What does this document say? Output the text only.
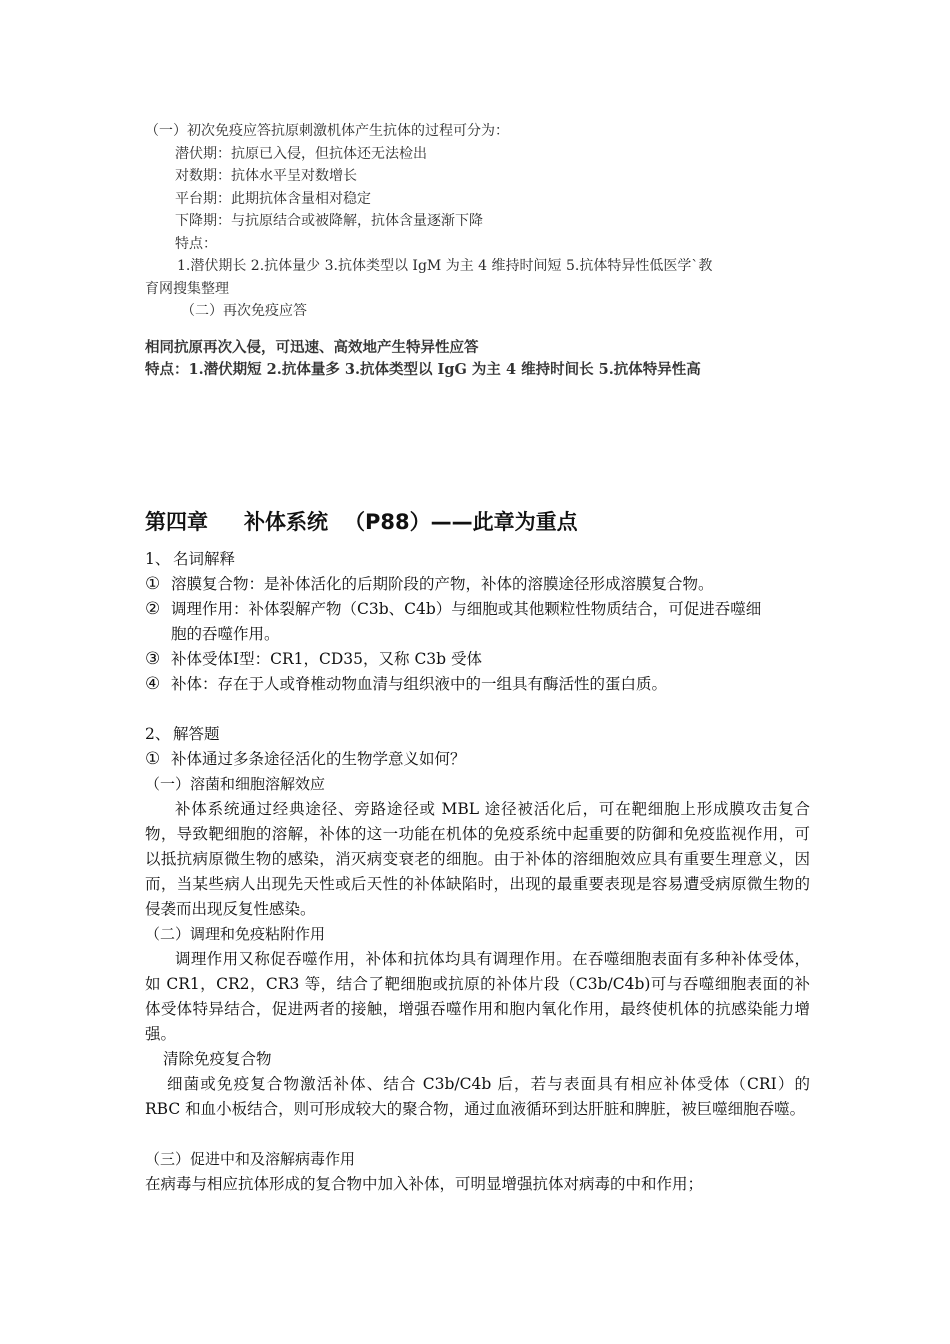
（一）初次免疫应答抗原刺激机体产生抗体的过程可分为：
潜伏期：抗原已入侵，但抗体还无法检出
对数期：抗体水平呈对数增长
平台期：此期抗体含量相对稳定
下降期：与抗原结合或被降解，抗体含量逐渐下降
特点：
1.潜伏期长 2.抗体量少 3.抗体类型以 IgM 为主 4 维持时间短 5.抗体特异性低医学`教
育网搜集整理
（二）再次免疫应答
相同抗原再次入侵，可迅速、高效地产生特异性应答
特点：1.潜伏期短 2.抗体量多 3.抗体类型以 IgG 为主 4 维持时间长 5.抗体特异性高
第四章 补体系统 （P88）——此章为重点
1、 名词解释
① 溶膜复合物：是补体活化的后期阶段的产物，补体的溶膜途径形成溶膜复合物。
② 调理作用：补体裂解产物（C3b、C4b）与细胞或其他颗粒性物质结合，可促进吞噬细
胞的吞噬作用。
③ 补体受体Ⅰ型：CR1，CD35，又称 C3b 受体
④ 补体：存在于人或脊椎动物血清与组织液中的一组具有酶活性的蛋白质。
2、 解答题
① 补体通过多条途径活化的生物学意义如何？
（一）溶菌和细胞溶解效应
补体系统通过经典途径、旁路途径或 MBL 途径被活化后，可在靶细胞上形成膜攻击复合物，导致靶细胞的溶解，补体的这一功能在机体的免疫系统中起重要的防御和免疫监视作用，可以抵抗病原微生物的感染，消灭病变衰老的细胞。由于补体的溶细胞效应具有重要生理意义，因而，当某些病人出现先天性或后天性的补体缺陷时，出现的最重要表现是容易遭受病原微生物的侵袭而出现反复性感染。
（二）调理和免疫粘附作用
调理作用又称促吞噬作用，补体和抗体均具有调理作用。在吞噬细胞表面有多种补体受体，如 CR1，CR2，CR3 等，结合了靶细胞或抗原的补体片段（C3b/C4b)可与吞噬细胞表面的补体受体特异结合，促进两者的接触，增强吞噬作用和胞内氧化作用，最终使机体的抗感染能力增强。
清除免疫复合物
细菌或免疫复合物激活补体、结合 C3b/C4b 后，若与表面具有相应补体受体（CRI）的 RBC 和血小板结合，则可形成较大的聚合物，通过血液循环到达肝脏和脾脏，被巨噬细胞吞噬。
（三）促进中和及溶解病毒作用
在病毒与相应抗体形成的复合物中加入补体，可明显增强抗体对病毒的中和作用；
